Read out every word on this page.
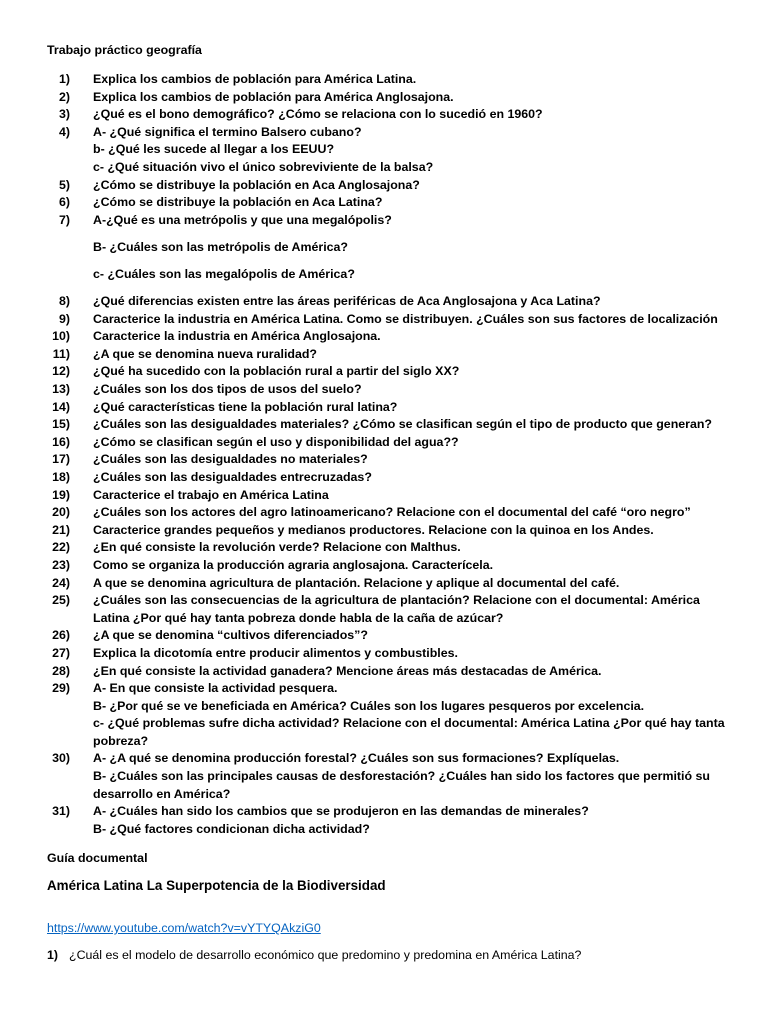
Trabajo práctico geografía
1) Explica los cambios de población para América Latina.
2) Explica los cambios de población para América Anglosajona.
3) ¿Qué es el bono demográfico? ¿Cómo se relaciona con lo sucedió en 1960?
4) A- ¿Qué significa el termino Balsero cubano?
b- ¿Qué les sucede al llegar a los EEUU?
c- ¿Qué situación vivo el único sobreviviente de la balsa?
5) ¿Cómo se distribuye la población en Aca Anglosajona?
6) ¿Cómo se distribuye la población en Aca Latina?
7) A-¿Qué es una metrópolis y que una megalópolis?
B- ¿Cuáles son las metrópolis de América?
c- ¿Cuáles son las megalópolis de América?
8) ¿Qué diferencias existen entre las áreas periféricas de Aca Anglosajona y Aca Latina?
9) Caracterice la industria en América Latina. Como se distribuyen. ¿Cuáles son sus factores de localización
10) Caracterice la industria en América Anglosajona.
11) ¿A que se denomina nueva ruralidad?
12) ¿Qué ha sucedido con la población rural a partir del siglo XX?
13) ¿Cuáles son los dos tipos de usos del suelo?
14) ¿Qué características tiene la población rural latina?
15) ¿Cuáles son las desigualdades materiales? ¿Cómo se clasifican según el tipo de producto que generan?
16) ¿Cómo se clasifican según el uso y disponibilidad del agua??
17) ¿Cuáles son las desigualdades no materiales?
18) ¿Cuáles son las desigualdades entrecruzadas?
19) Caracterice el trabajo en América Latina
20) ¿Cuáles son los actores del agro latinoamericano? Relacione con el documental del café “oro negro”
21) Caracterice grandes pequeños y medianos productores. Relacione con la quinoa en los Andes.
22) ¿En qué consiste la revolución verde? Relacione con Malthus.
23) Como se organiza la producción agraria anglosajona. Caracterícela.
24) A que se denomina agricultura de plantación. Relacione y aplique al documental del café.
25) ¿Cuáles son las consecuencias de la agricultura de plantación? Relacione con el documental: América
Latina ¿Por qué hay tanta pobreza donde habla de la caña de azúcar?
26) ¿A que se denomina “cultivos diferenciados”?
27) Explica la dicotomía entre producir alimentos y combustibles.
28) ¿En qué consiste la actividad ganadera? Mencione áreas más destacadas de América.
29) A- En que consiste la actividad pesquera.
B- ¿Por qué se ve beneficiada en América? Cuáles son los lugares pesqueros por excelencia.
c- ¿Qué problemas sufre dicha actividad? Relacione con el documental: América Latina ¿Por qué hay tanta
pobreza?
30) A- ¿A qué se denomina producción forestal? ¿Cuáles son sus formaciones? Explíquelas.
B- ¿Cuáles son las principales causas de desforestación? ¿Cuáles han sido los factores que permitió su
desarrollo en América?
31) A- ¿Cuáles han sido los cambios que se produjeron en las demandas de minerales?
B- ¿Qué factores condicionan dicha actividad?
Guía documental
América Latina La Superpotencia de la Biodiversidad
https://www.youtube.com/watch?v=vYTYQAkziG0
1) ¿Cuál es el modelo de desarrollo económico que predomino y predomina en América Latina?
